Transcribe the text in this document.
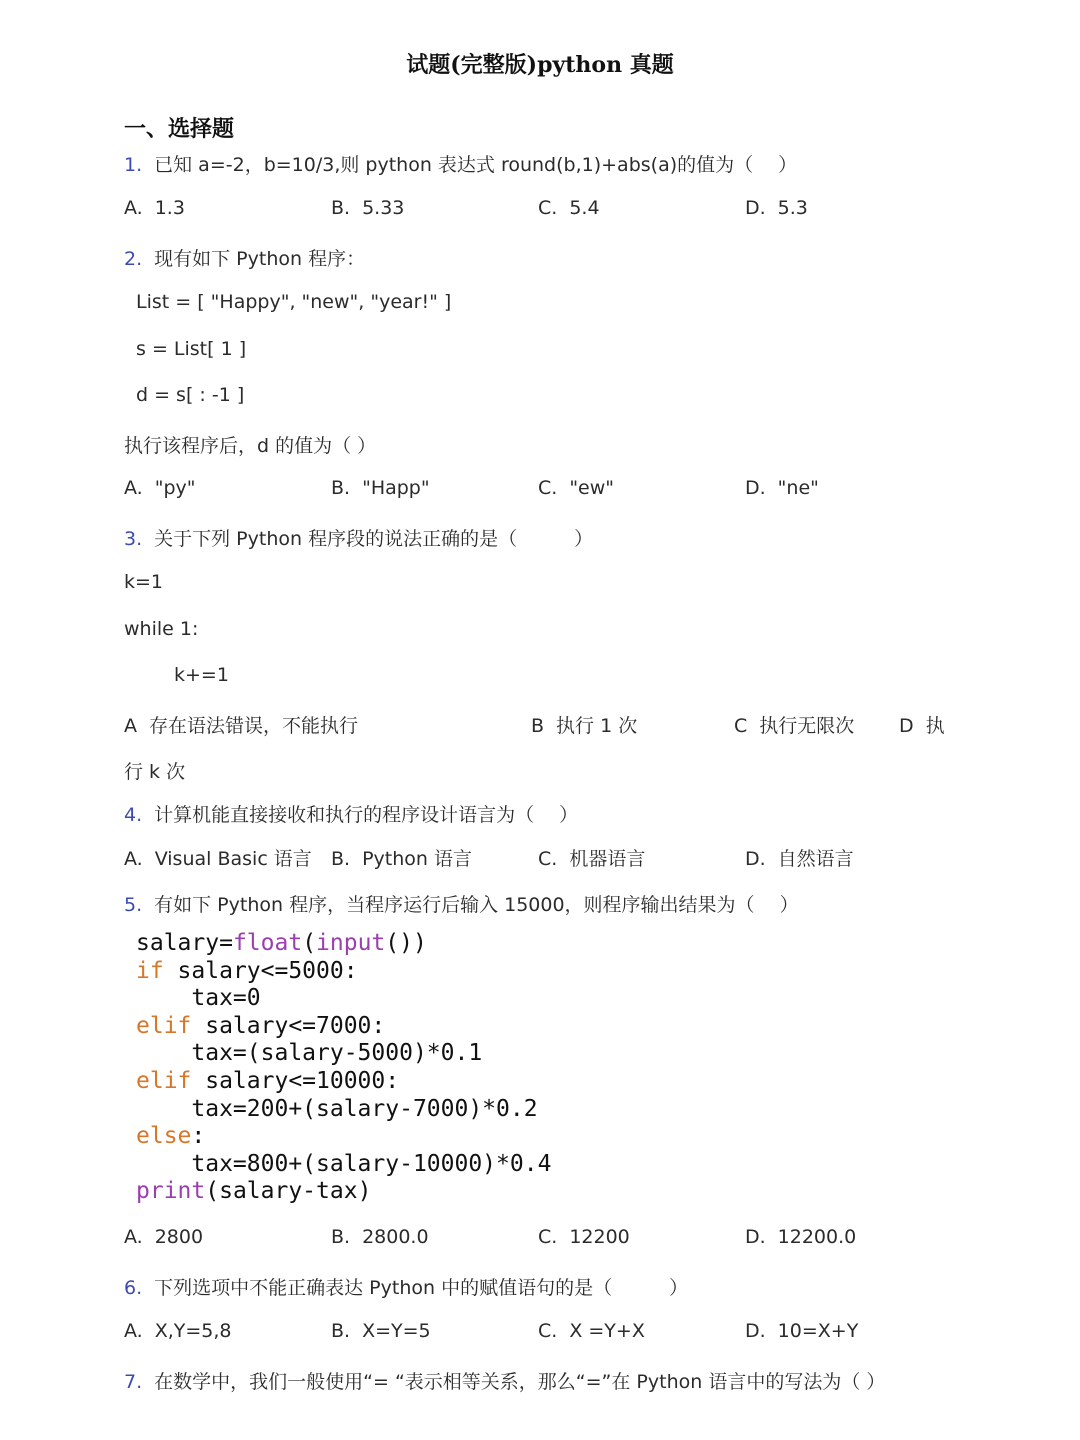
试题(完整版)python 真题
一、选择题
1. 已知 a=-2，b=10/3,则 python 表达式 round(b,1)+abs(a)的值为（　 ）
A. 1.3	B. 5.33	C. 5.4	D. 5.3
2. 现有如下 Python 程序：
List = [ "Happy", "new", "year!" ]
s = List[ 1 ]
d = s[ : -1 ]
执行该程序后，d 的值为（ ）
A. "py"	B. "Happ"	C. "ew"	D. "ne"
3. 关于下列 Python 程序段的说法正确的是（　　　）
k=1
while 1:
k+=1
A 存在语法错误，不能执行	B 执行 1 次	C 执行无限次 D 执
行 k 次
4. 计算机能直接接收和执行的程序设计语言为（　 ）
A. Visual Basic 语言 B. Python 语言	C. 机器语言	D. 自然语言
5. 有如下 Python 程序，当程序运行后输入 15000，则程序输出结果为（　 ）
salary=float(input())
if salary<=5000:
tax=0
elif salary<=7000:
tax=(salary-5000)*0.1
elif salary<=10000:
tax=200+(salary-7000)*0.2
else:
tax=800+(salary-10000)*0.4
print(salary-tax)
A. 2800	B. 2800.0	C. 12200	D. 12200.0
6. 下列选项中不能正确表达 Python 中的赋值语句的是（　　　）
A. X,Y=5,8	B. X=Y=5	C. X =Y+X	D. 10=X+Y
7. 在数学中，我们一般使用“= “表示相等关系，那么“=”在 Python 语言中的写法为（ ）
